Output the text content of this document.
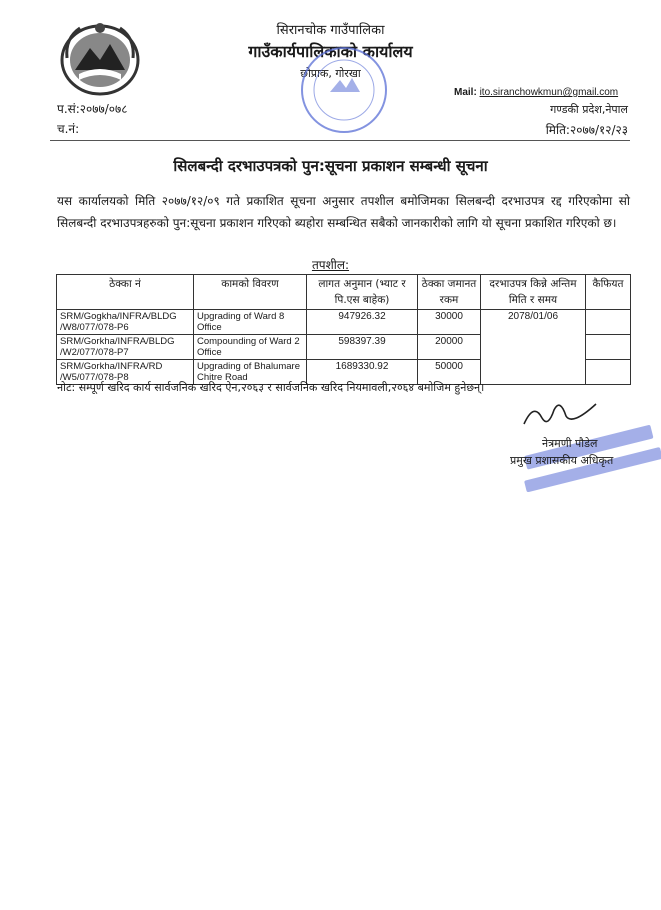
सिरानचोक गाउँपालिका
गाउँकार्यपालिकाको कार्यालय
छोप्राक, गोरखा
प.सं:२०७७/०७८
च.नं:
Mail: ito.siranchowkmun@gmail.com
गण्डकी प्रदेश,नेपाल
मिति:२०७७/१२/२३
सिलबन्दी दरभाउपत्रको पुन:सूचना प्रकाशन सम्बन्धी सूचना
यस कार्यालयको मिति २०७७/१२/०९ गते प्रकाशित सूचना अनुसार तपशील बमोजिमका सिलबन्दी दरभाउपत्र रद्द गरिएकोमा सो सिलबन्दी दरभाउपत्रहरुको पुन:सूचना प्रकाशन गरिएको ब्यहोरा सम्बन्धित सबैको जानकारीको लागि यो सूचना प्रकाशित गरिएको छ।
तपशील:
ठेक्का नं	कामको विवरण	लागत अनुमान (भ्याट र पि.एस बाहेक)	ठेक्का जमानत रकम	दरभाउपत्र किन्ने अन्तिम मिति र समय	कैफियत
SRM/Gogkha/INFRA/BLDG /W8/077/078-P6	Upgrading of Ward 8 Office	947926.32	30000	2078/01/06	
SRM/Gorkha/INFRA/BLDG /W2/077/078-P7	Compounding of Ward 2 Office	598397.39	20000		
SRM/Gorkha/INFRA/RD /W5/077/078-P8	Upgrading of Bhalumare Chitre Road	1689330.92	50000		
नोट: सम्पूर्ण खरिद कार्य सार्वजनिक खरिद ऐन,२०६३ र सार्वजनिक खरिद नियमावली,२०६४ बमोजिम हुनेछन्।
नेत्रमणी पौडेल
प्रमुख प्रशासकीय अधिकृत
